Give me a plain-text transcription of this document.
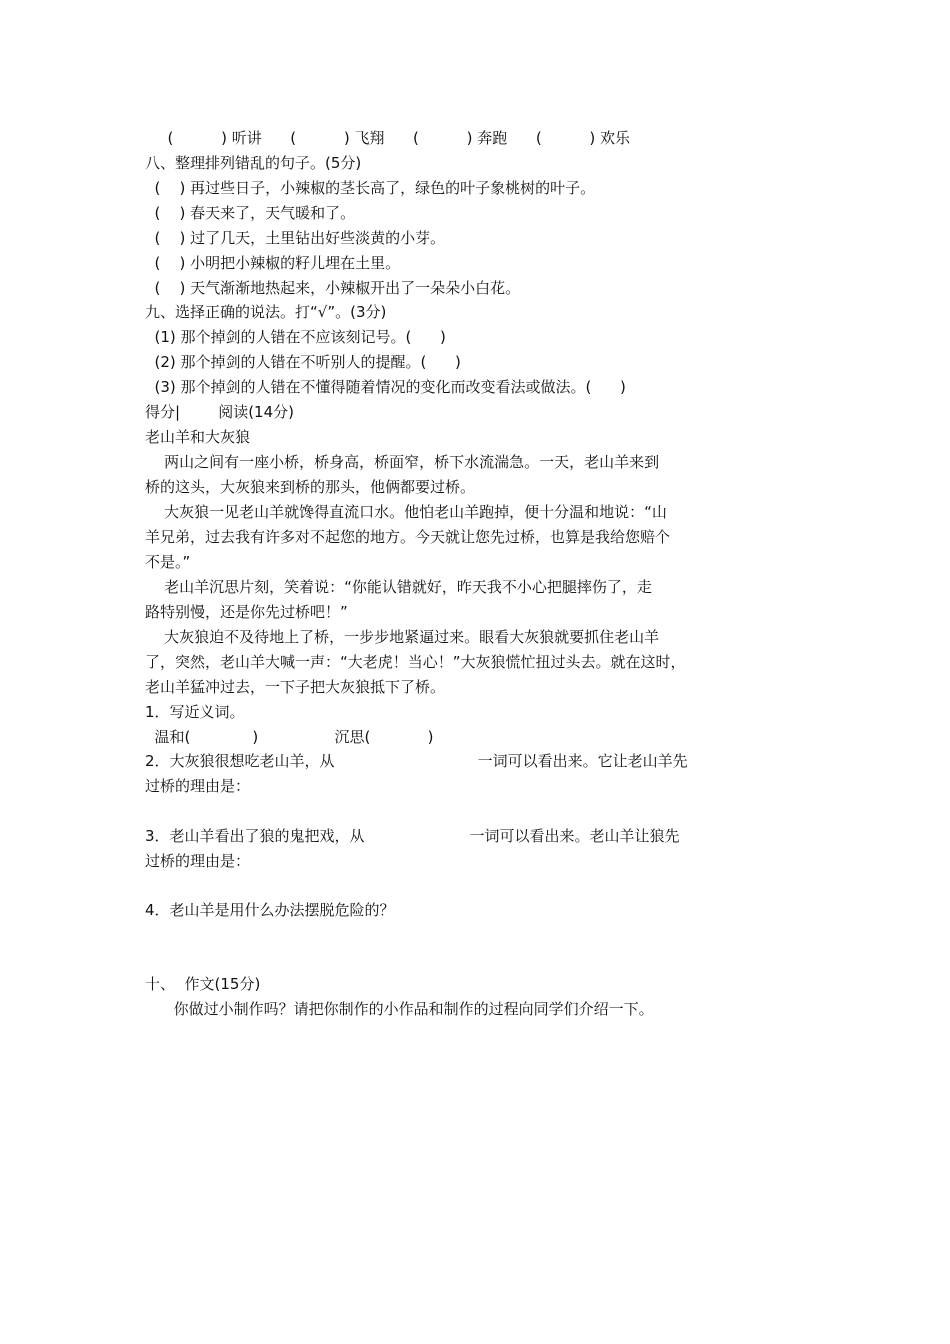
(          ) 听讲      (          ) 飞翔      (          ) 奔跑      (          ) 欢乐
八、整理排列错乱的句子。(5分)
(    ) 再过些日子，小辣椒的茎长高了，绿色的叶子象桃树的叶子。
(    ) 春天来了，天气暖和了。
(    ) 过了几天，土里钻出好些淡黄的小芽。
(    ) 小明把小辣椒的籽儿埋在土里。
(    ) 天气渐渐地热起来，小辣椒开出了一朵朵小白花。
九、选择正确的说法。打“√”。(3分)
(1) 那个掉剑的人错在不应该刻记号。(      )
(2) 那个掉剑的人错在不听别人的提醒。(      )
(3) 那个掉剑的人错在不懂得随着情况的变化而改变看法或做法。(      )
得分|        阅读(14分)
老山羊和大灰狼
两山之间有一座小桥，桥身高，桥面窄，桥下水流湍急。一天，老山羊来到
桥的这头，大灰狼来到桥的那头，他俩都要过桥。
大灰狼一见老山羊就馋得直流口水。他怕老山羊跑掉，便十分温和地说：“山
羊兄弟，过去我有许多对不起您的地方。今天就让您先过桥，也算是我给您赔个
不是。”
老山羊沉思片刻，笑着说：“你能认错就好，昨天我不小心把腿摔伤了，走
路特别慢，还是你先过桥吧！”
大灰狼迫不及待地上了桥，一步步地紧逼过来。眼看大灰狼就要抓住老山羊
了，突然，老山羊大喊一声：“大老虎！当心！”大灰狼慌忙扭过头去。就在这时，
老山羊猛冲过去，一下子把大灰狼抵下了桥。
1．写近义词。
温和(             )                沉思(            )
2．大灰狼很想吃老山羊，从                              一词可以看出来。它让老山羊先
过桥的理由是：
3．老山羊看出了狼的鬼把戏，从                      一词可以看出来。老山羊让狼先
过桥的理由是：
4．老山羊是用什么办法摆脱危险的？
十、  作文(15分)
你做过小制作吗？请把你制作的小作品和制作的过程向同学们介绍一下。
